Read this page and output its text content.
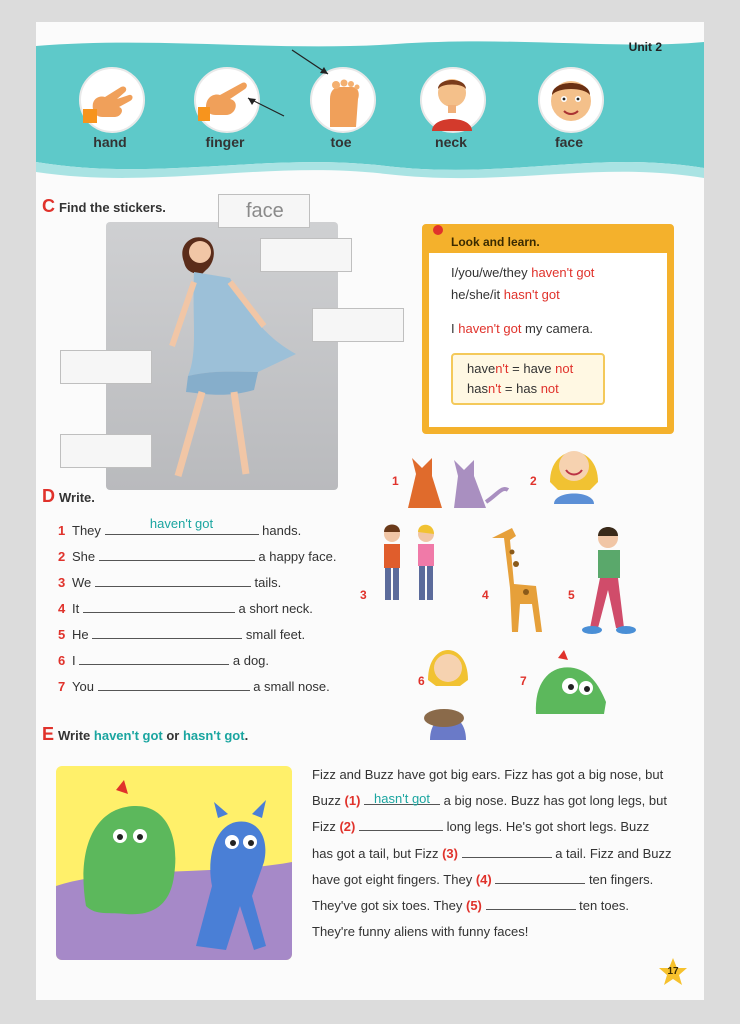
Unit 2
hand	finger	toe	neck	face
C Find the stickers.	face
Look and learn.
I/you/we/they haven't got
he/she/it hasn't got
I haven't got my camera.
haven't = have not
hasn't = has not
D Write.
1 They	haven't got	hands.
2 She	a happy face.
3 We	tails.
4 It	a short neck.
5 He	small feet.
6 I	a dog.
7 You	a small nose.
1	2
3	4	5
6	7
E Write haven't got or hasn't got.
Fizz and Buzz have got big ears. Fizz has got a big nose, but Buzz (1)	hasn't got a big nose. Buzz has got long legs, but Fizz (2)	long legs. He's got short legs. Buzz has got a tail, but Fizz (3)	a tail. Fizz and Buzz have got eight fingers. They (4)	ten fingers. They've got six toes. They (5)	ten toes. They're funny aliens with funny faces!
17
